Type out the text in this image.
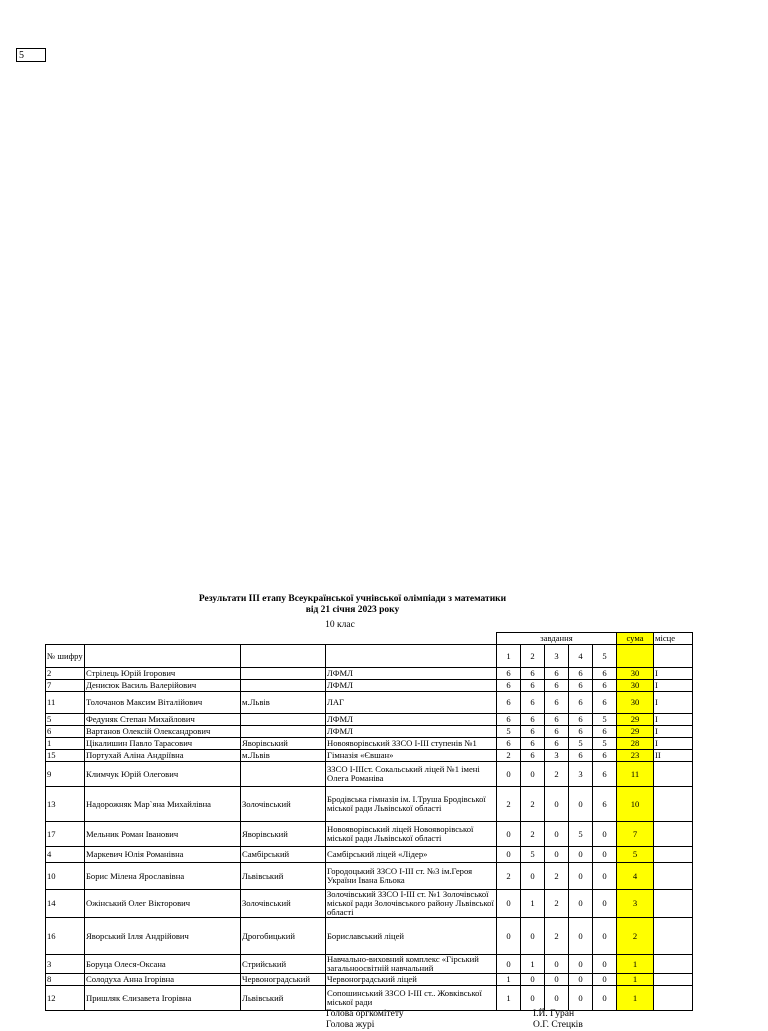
5
Результати ІІІ етапу Всеукраїнської учнівської олімпіади з математики
від 21 січня 2023 року
10 клас
				завдання					сума	місце
№ шифру				1	2	3	4	5		
2	Стрілець Юрій Ігорович		ЛФМЛ	6	6	6	6	6	30	І
7	Денисюк Василь Валерійович		ЛФМЛ	6	6	6	6	6	30	І
11	Толочанов Максим Віталійович	м.Львів	ЛАГ	6	6	6	6	6	30	І
5	Федуняк Степан Михайлович		ЛФМЛ	6	6	6	6	5	29	І
6	Вартанов Олексій Олександрович		ЛФМЛ	5	6	6	6	6	29	І
1	Цікалишин Павло Тарасович	Яворівський	Новояворівський ЗЗСО І-ІІІ ступенів №1	6	6	6	5	5	28	І
15	Портухай Аліна Андріївна	м.Львів	Гімназія «Євшан»	2	6	3	6	6	23	ІІ
9	Климчук Юрій Олегович		ЗЗСО І-ІІІст. Сокальський ліцей №1 імені Олега Романіва	0	0	2	3	6	11	
13	Надорожняк Мар`яна Михайлівна	Золочівський	Бродівська гімназія ім. І.Труша Бродівської міської ради Львівської області	2	2	0	0	6	10	
17	Мельник Роман Іванович	Яворівський	Новояворівський ліцей Новояворівської міської ради Львівської області	0	2	0	5	0	7	
4	Маркевич Юлія Романівна	Самбірський	Самбірський ліцей «Лідер»	0	5	0	0	0	5	
10	Борис Мілена Ярославівна	Львівський	Городоцький ЗЗСО І-ІІІ ст. №3 ім.Героя України Івана Бльока	2	0	2	0	0	4	
14	Ожінський Олег Вікторович	Золочівський	Золочівський ЗЗСО І-ІІІ ст. №1 Золочівської міської ради Золочівського району Львівської області	0	1	2	0	0	3	
16	Яворський Ілля Андрійович	Дрогобицький	Бориславський ліцей	0	0	2	0	0	2	
3	Боруца Олеся-Оксана	Стрийський	Навчально-виховний комплекс «Гірський загальноосвітній навчальний	0	1	0	0	0	1	
8	Солодуха Анна Ігорівна	Червоноградський	Червоноградський ліцей	1	0	0	0	0	1	
12	Пришляк Єлизавета Ігорівна	Львівський	Сопошинський ЗЗСО І-ІІІ ст.. Жовківської міської ради	1	0	0	0	0	1	
Голова оргкомітету
Голова журі
І.Й. Гуран
О.Г. Стецків
